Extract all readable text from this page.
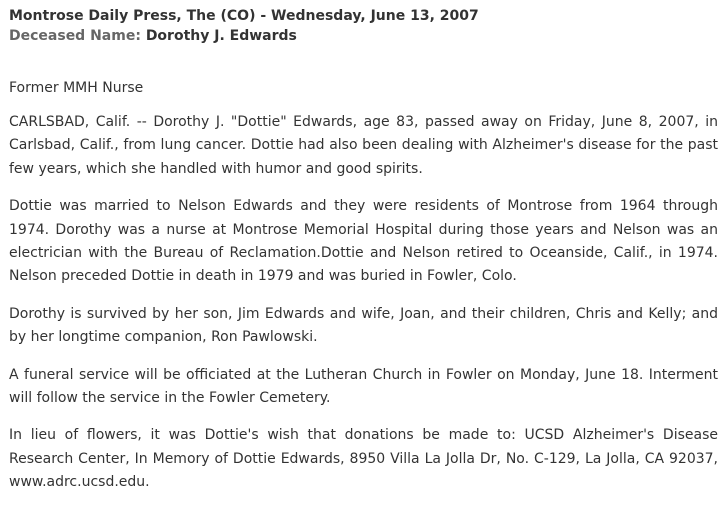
Montrose Daily Press, The (CO) - Wednesday, June 13, 2007
Deceased Name: Dorothy J. Edwards
Former MMH Nurse

CARLSBAD, Calif. -- Dorothy J. "Dottie" Edwards, age 83, passed away on Friday, June 8, 2007, in Carlsbad, Calif., from lung cancer. Dottie had also been dealing with Alzheimer's disease for the past few years, which she handled with humor and good spirits.

Dottie was married to Nelson Edwards and they were residents of Montrose from 1964 through 1974. Dorothy was a nurse at Montrose Memorial Hospital during those years and Nelson was an electrician with the Bureau of Reclamation.Dottie and Nelson retired to Oceanside, Calif., in 1974. Nelson preceded Dottie in death in 1979 and was buried in Fowler, Colo.

Dorothy is survived by her son, Jim Edwards and wife, Joan, and their children, Chris and Kelly; and by her longtime companion, Ron Pawlowski.

A funeral service will be officiated at the Lutheran Church in Fowler on Monday, June 18. Interment will follow the service in the Fowler Cemetery.

In lieu of flowers, it was Dottie's wish that donations be made to: UCSD Alzheimer's Disease Research Center, In Memory of Dottie Edwards, 8950 Villa La Jolla Dr, No. C-129, La Jolla, CA 92037, www.adrc.ucsd.edu.
